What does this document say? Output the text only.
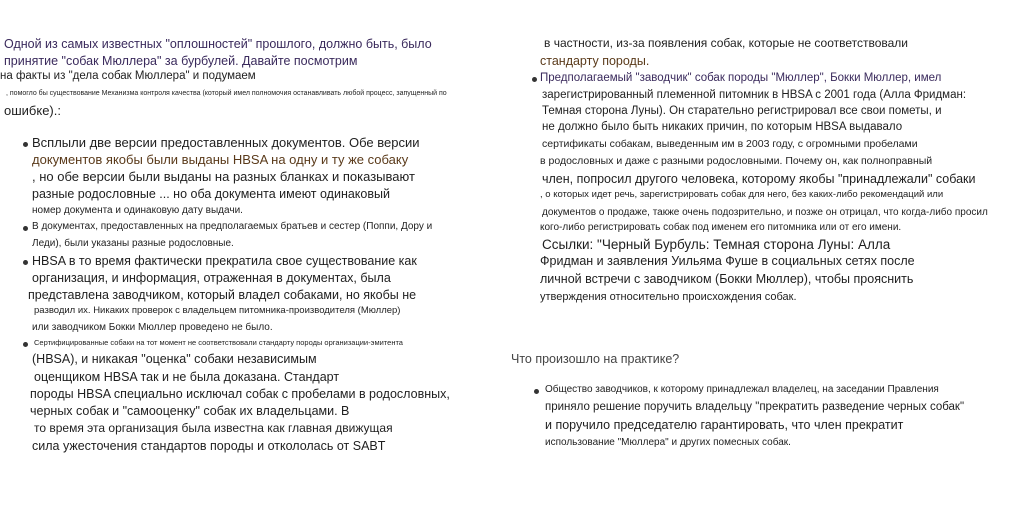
Одной из самых известных "оплошностей" прошлого, должно быть, было
принятие "собак Мюллера" за бурбулей. Давайте посмотрим
на факты из "дела собак Мюллера" и подумаем
, помогло бы существование Механизма контроля качества (который имел полномочия останавливать любой процесс, запущенный по
ошибке).:
Всплыли две версии предоставленных документов. Обе версии
документов якобы были выданы HBSA на одну и ту же собаку
, но обе версии были выданы на разных бланках и показывают
разные родословные ... но оба документа имеют одинаковый
номер документа и одинаковую дату выдачи.
В документах, предоставленных на предполагаемых братьев и сестер (Поппи, Дору и
Леди), были указаны разные родословные.
HBSA в то время фактически прекратила свое существование как
организация, и информация, отраженная в документах, была
представлена заводчиком, который владел собаками, но якобы не
разводил их. Никаких проверок с владельцем питомника-производителя (Мюллер)
или заводчиком Бокки Мюллер проведено не было.
Сертифицированные собаки на тот момент не соответствовали стандарту породы организации-эмитента
(HBSA), и никакая "оценка" собаки независимым
оценщиком HBSA так и не была доказана. Стандарт
породы HBSA специально исключал собак с пробелами в родословных,
черных собак и "самооценку" собак их владельцами. В
то время эта организация была известна как главная движущая
сила ужесточения стандартов породы и откололась от SABT
в частности, из-за появления собак, которые не соответствовали
стандарту породы.
Предполагаемый "заводчик" собак породы "Мюллер", Бокки Мюллер, имел
зарегистрированный племенной питомник в HBSA с 2001 года (Алла Фридман:
Темная сторона Луны). Он старательно регистрировал все свои пометы, и
не должно было быть никаких причин, по которым HBSA выдавало
сертификаты собакам, выведенным им в 2003 году, с огромными пробелами
в родословных и даже с разными родословными. Почему он, как полноправный
член, попросил другого человека, которому якобы "принадлежали" собаки
, о которых идет речь, зарегистрировать собак для него, без каких-либо рекомендаций или
документов о продаже, также очень подозрительно, и позже он отрицал, что когда-либо просил
кого-либо регистрировать собак под именем его питомника или от его имени.
Ссылки: "Черный Бурбуль: Темная сторона Луны: Алла
Фридман и заявления Уильяма Фуше в социальных сетях после
личной встречи с заводчиком (Бокки Мюллер), чтобы прояснить
утверждения относительно происхождения собак.
Что произошло на практике?
Общество заводчиков, к которому принадлежал владелец, на заседании Правления
приняло решение поручить владельцу "прекратить разведение черных собак"
и поручило председателю гарантировать, что член прекратит
использование "Мюллера" и других помесных собак.
